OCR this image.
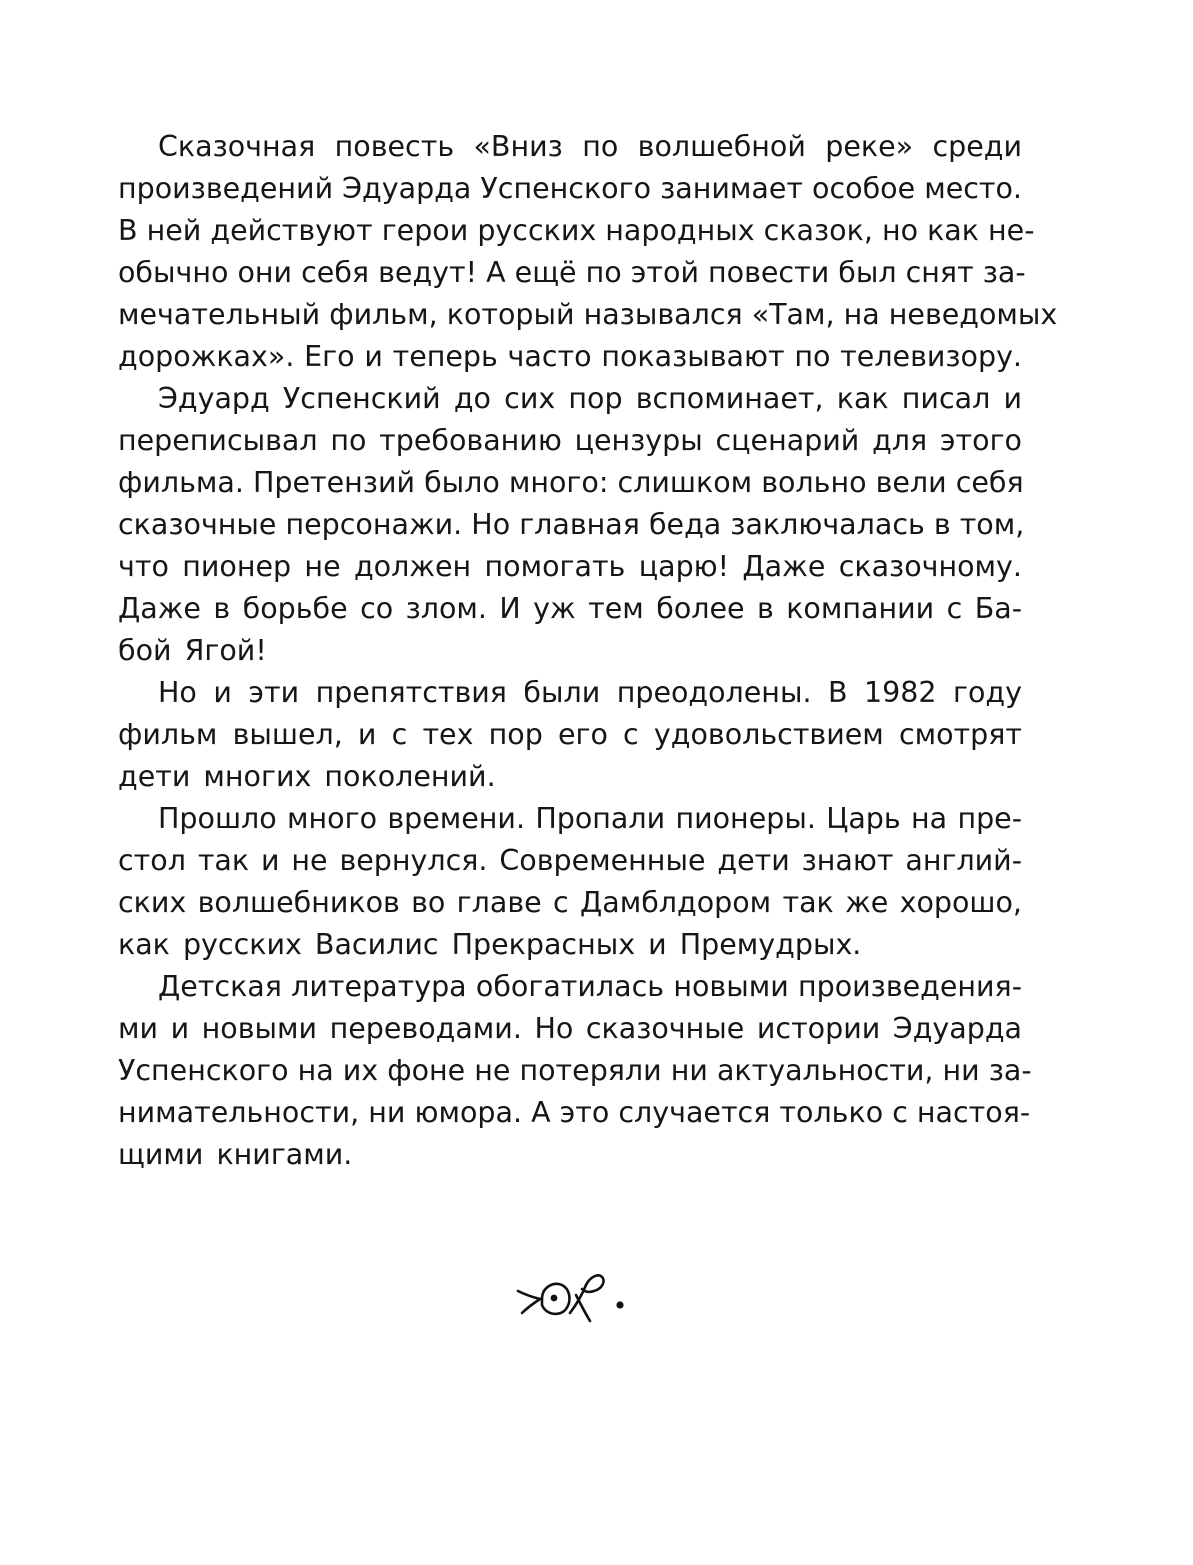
Сказочная повесть «Вниз по волшебной реке» среди
произведений Эдуарда Успенского занимает особое место.
В ней действуют герои русских народных сказок, но как не-
обычно они себя ведут! А ещё по этой повести был снят за-
мечательный фильм, который назывался «Там, на неведомых
дорожках». Его и теперь часто показывают по телевизору.
Эдуард Успенский до сих пор вспоминает, как писал и
переписывал по требованию цензуры сценарий для этого
фильма. Претензий было много: слишком вольно вели себя
сказочные персонажи. Но главная беда заключалась в том,
что пионер не должен помогать царю! Даже сказочному.
Даже в борьбе со злом. И уж тем более в компании с Ба-
бой Ягой!
Но и эти препятствия были преодолены. В 1982 году
фильм вышел, и с тех пор его с удовольствием смотрят
дети многих поколений.
Прошло много времени. Пропали пионеры. Царь на пре-
стол так и не вернулся. Современные дети знают англий-
ских волшебников во главе с Дамблдором так же хорошо,
как русских Василис Прекрасных и Премудрых.
Детская литература обогатилась новыми произведения-
ми и новыми переводами. Но сказочные истории Эдуарда
Успенского на их фоне не потеряли ни актуальности, ни за-
нимательности, ни юмора. А это случается только с настоя-
щими книгами.
